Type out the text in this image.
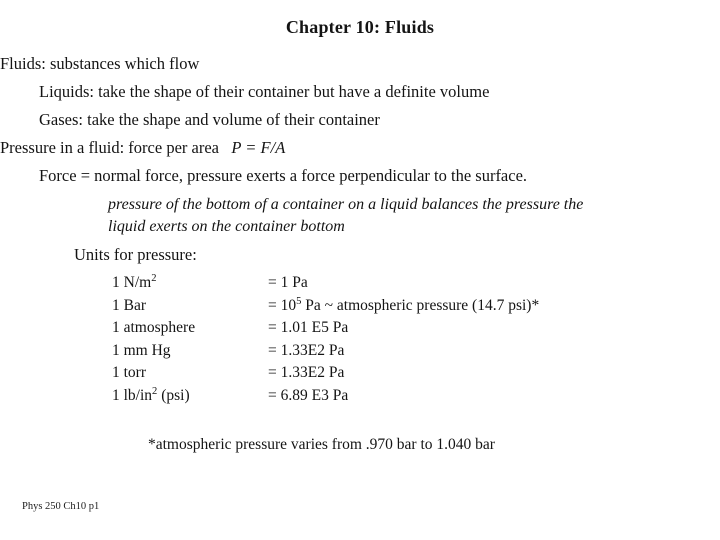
Chapter 10: Fluids
Fluids: substances which flow
Liquids: take the shape of their container but have a definite volume
Gases: take the shape and volume of their container
Pressure in a fluid: force per area P = F/A
Force = normal force, pressure exerts a force perpendicular to the surface.
pressure of the bottom of a container on a liquid balances the pressure the
liquid exerts on the container bottom
Units for pressure:
1 $N/m^2$	= 1 Pa
1 Bar	= $10^5$ Pa ~ atmospheric pressure (14.7 psi)*
1 atmosphere	= 1.01 E5 Pa
1 mm Hg	= 1.33E2 Pa
1 torr	= 1.33E2 Pa
1 $lb/in^2$ (psi)	= 6.89 E3 Pa
*atmospheric pressure varies from .970 bar to 1.040 bar
Phys 250 Ch10 p1
